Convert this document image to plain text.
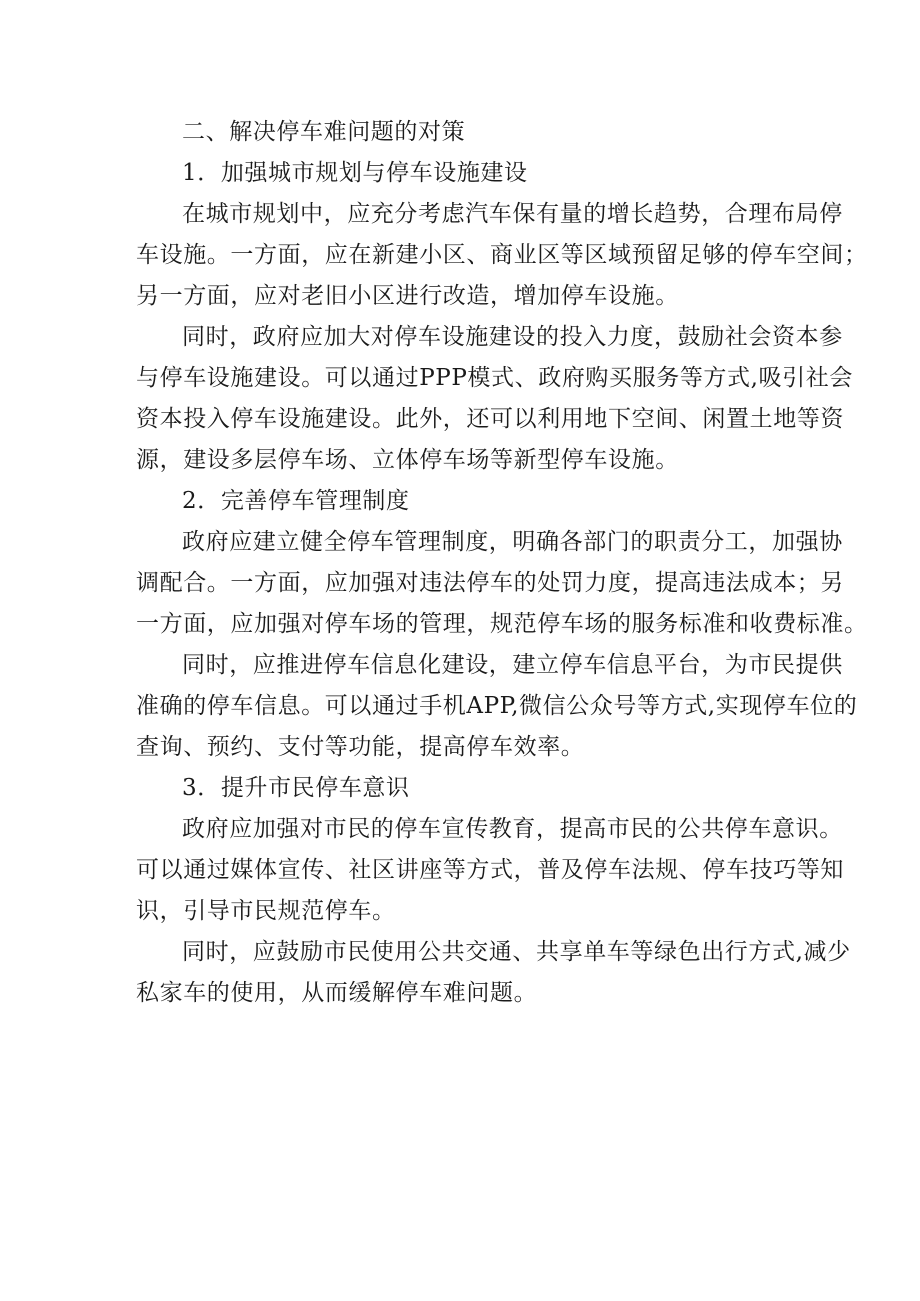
二、解决停车难问题的对策

1．加强城市规划与停车设施建设

在城市规划中，应充分考虑汽车保有量的增长趋势，合理布局停

车设施。一方面，应在新建小区、商业区等区域预留足够的停车空间；

另一方面，应对老旧小区进行改造，增加停车设施。

同时，政府应加大对停车设施建设的投入力度，鼓励社会资本参

与停车设施建设。可以通过PPP模式、政府购买服务等方式,吸引社会

资本投入停车设施建设。此外，还可以利用地下空间、闲置土地等资

源，建设多层停车场、立体停车场等新型停车设施。

2．完善停车管理制度

政府应建立健全停车管理制度，明确各部门的职责分工，加强协

调配合。一方面，应加强对违法停车的处罚力度，提高违法成本；另

一方面，应加强对停车场的管理，规范停车场的服务标准和收费标准。

同时，应推进停车信息化建设，建立停车信息平台，为市民提供

准确的停车信息。可以通过手机APP,微信公众号等方式,实现停车位的

查询、预约、支付等功能，提高停车效率。

3．提升市民停车意识

政府应加强对市民的停车宣传教育，提高市民的公共停车意识。

可以通过媒体宣传、社区讲座等方式，普及停车法规、停车技巧等知

识，引导市民规范停车。

同时，应鼓励市民使用公共交通、共享单车等绿色出行方式,减少

私家车的使用，从而缓解停车难问题。
